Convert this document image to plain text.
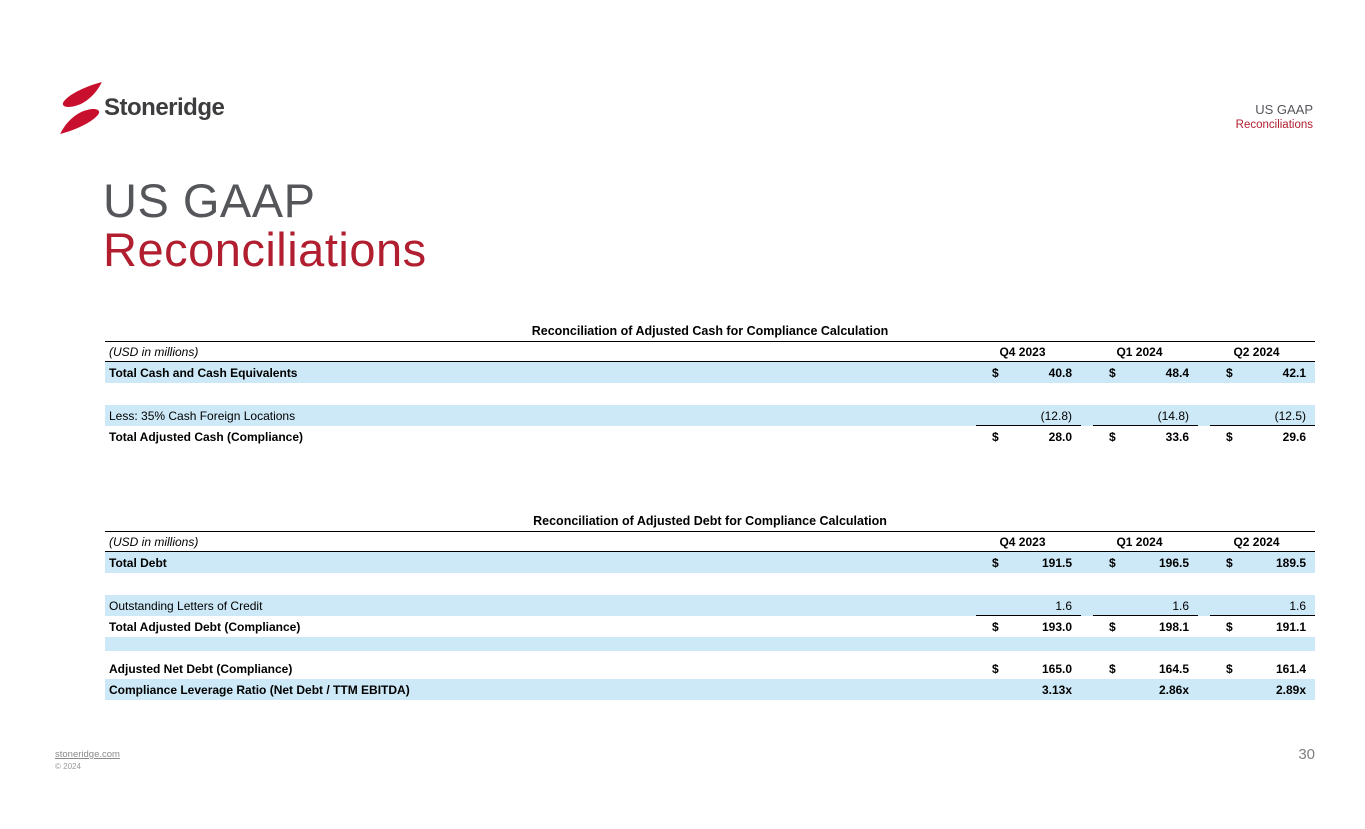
Stoneridge	US GAAP
Reconciliations
US GAAP
Reconciliations
Reconciliation of Adjusted Cash for Compliance Calculation
(USD in millions)	Q4 2023	Q1 2024	Q2 2024
Total Cash and Cash Equivalents	$	40.8	$	48.4	$	42.1
Less: 35% Cash Foreign Locations	(12.8)	(14.8)	(12.5)
Total Adjusted Cash (Compliance)	$	28.0	$	33.6	$	29.6
Reconciliation of Adjusted Debt for Compliance Calculation
(USD in millions)	Q4 2023	Q1 2024	Q2 2024
Total Debt	$	191.5	$	196.5	$	189.5
Outstanding Letters of Credit	1.6	1.6	1.6
Total Adjusted Debt (Compliance)	$	193.0	$	198.1	$	191.1
Adjusted Net Debt (Compliance)	$	165.0	$	164.5	$	161.4
Compliance Leverage Ratio (Net Debt / TTM EBITDA)	3.13x	2.86x	2.89x
stoneridge.com
© 2024
30
